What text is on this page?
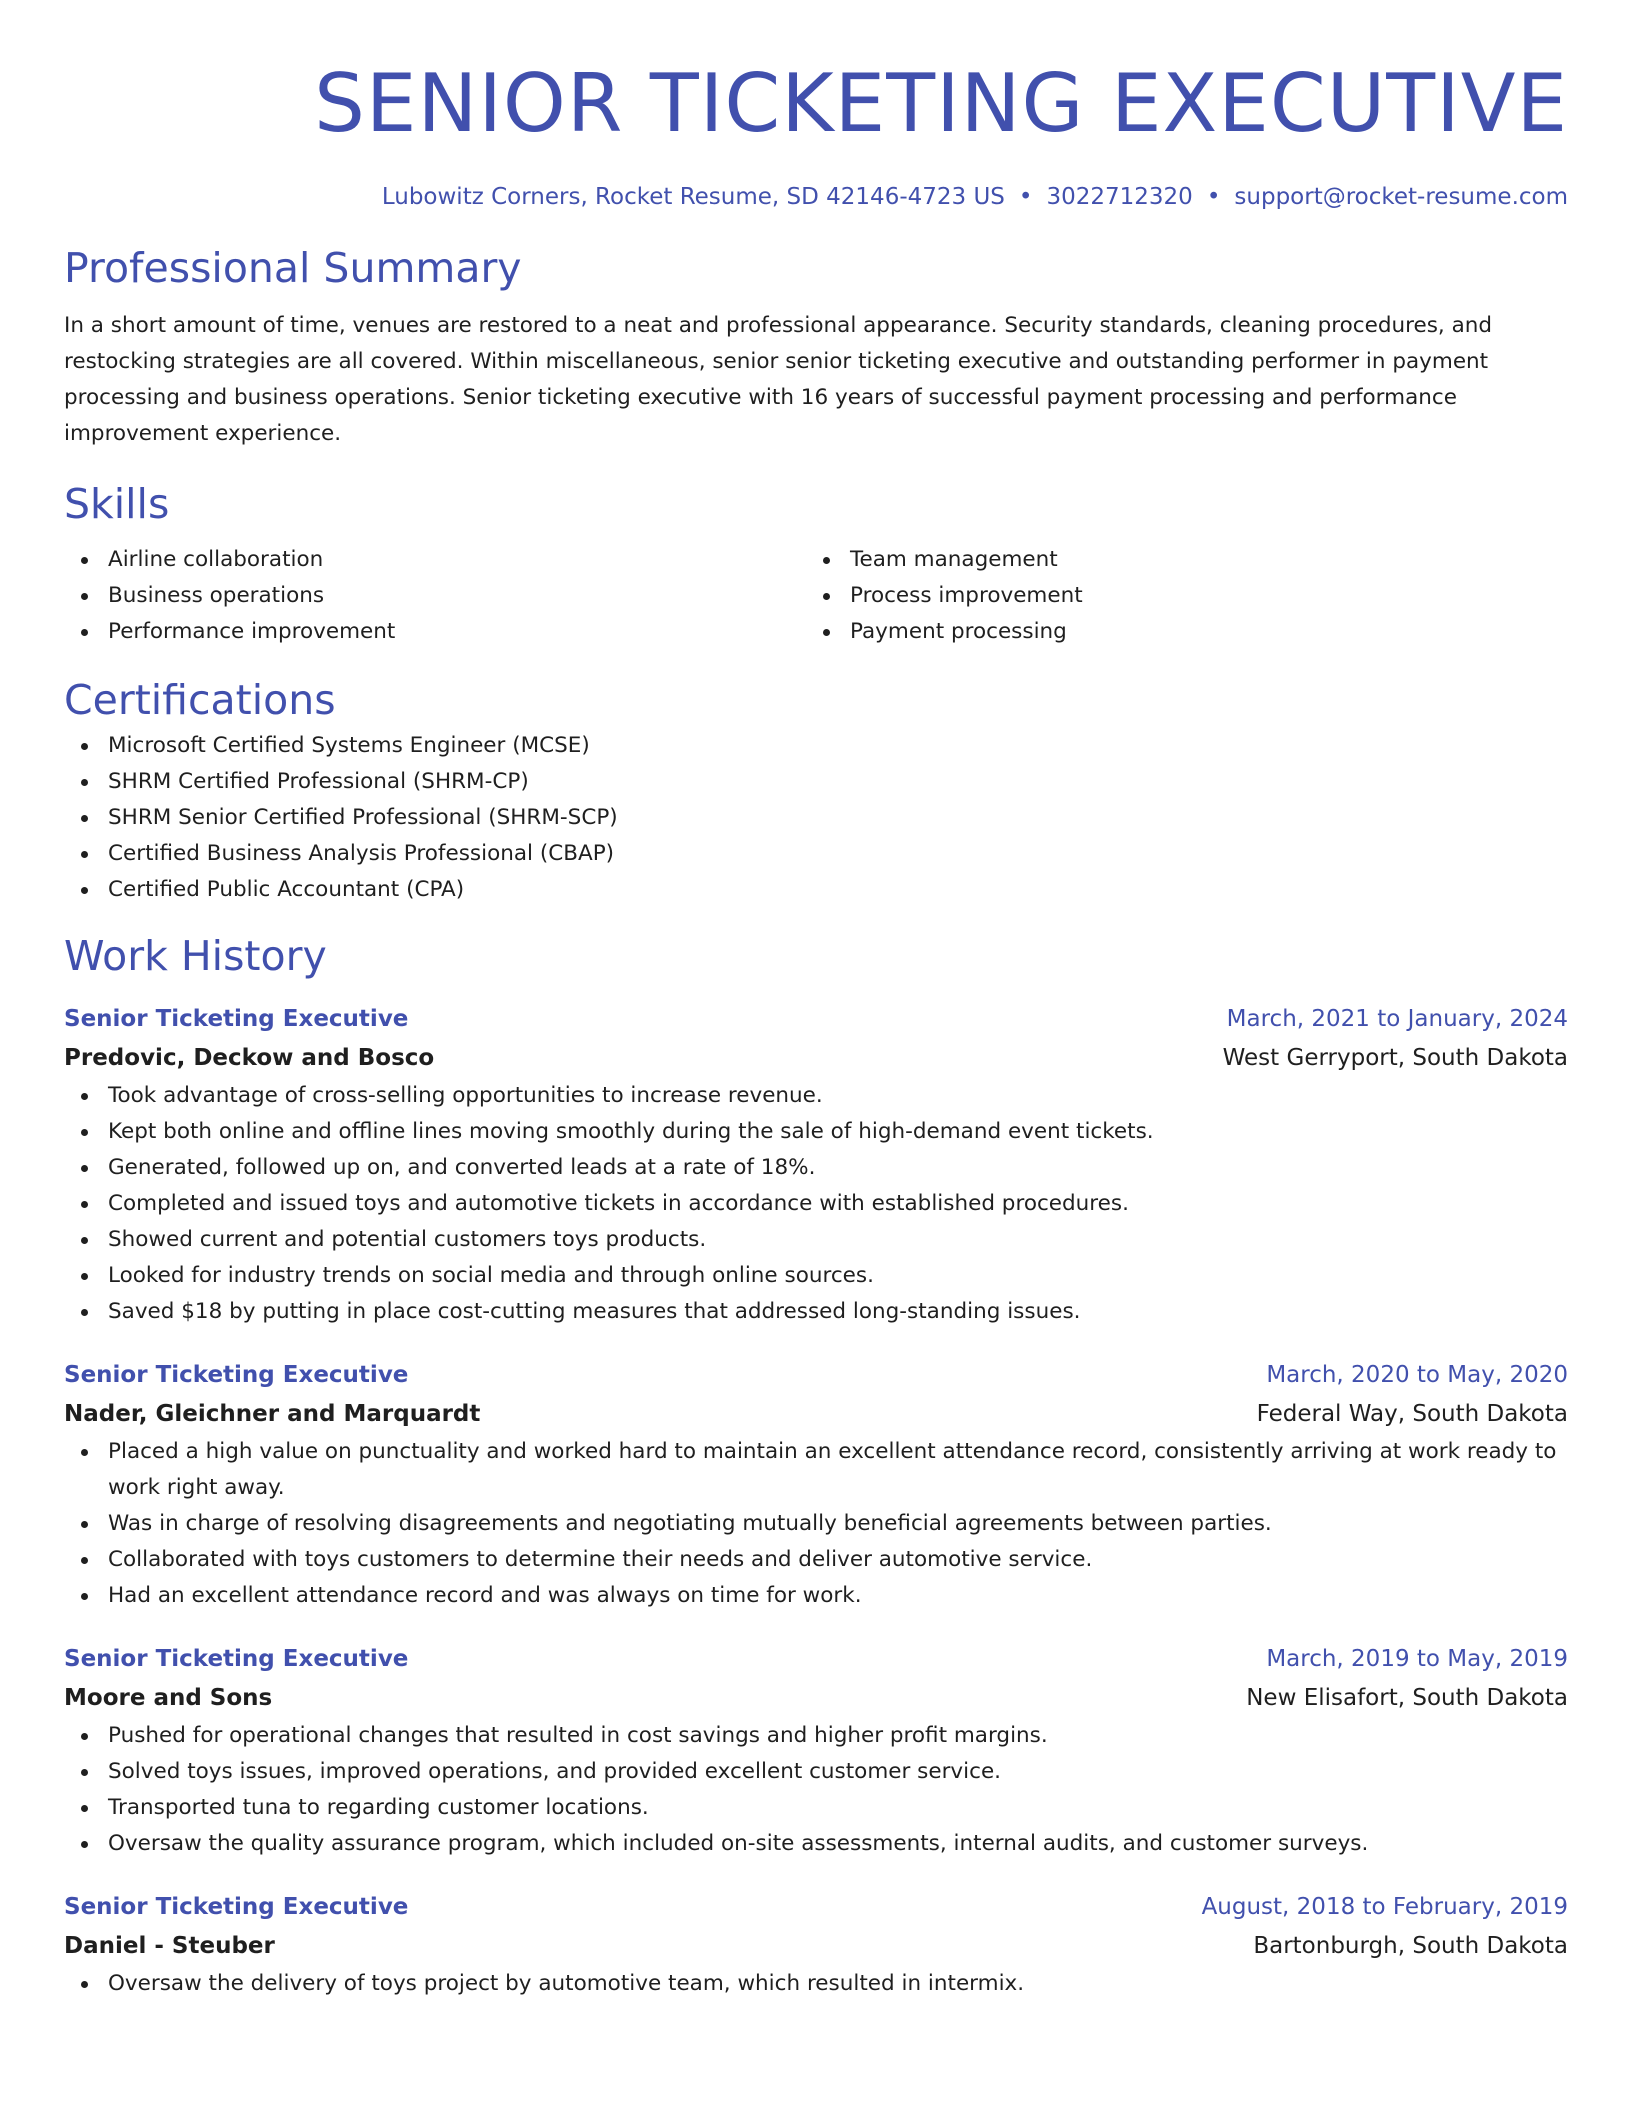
SENIOR TICKETING EXECUTIVE
Lubowitz Corners, Rocket Resume, SD 42146-4723 US • 3022712320 • support@rocket-resume.com
Professional Summary

In a short amount of time, venues are restored to a neat and professional appearance. Security standards, cleaning procedures, and restocking strategies are all covered. Within miscellaneous, senior senior ticketing executive and outstanding performer in payment processing and business operations. Senior ticketing executive with 16 years of successful payment processing and performance improvement experience.

Skills
Airline collaboration
Business operations
Performance improvement
Team management
Process improvement
Payment processing
Certifications
Microsoft Certified Systems Engineer (MCSE)
SHRM Certified Professional (SHRM-CP)
SHRM Senior Certified Professional (SHRM-SCP)
Certified Business Analysis Professional (CBAP)
Certified Public Accountant (CPA)
Work History
Senior Ticketing Executive	March, 2021 to January, 2024
Predovic, Deckow and Bosco	West Gerryport, South Dakota
Took advantage of cross-selling opportunities to increase revenue.
Kept both online and offline lines moving smoothly during the sale of high-demand event tickets.
Generated, followed up on, and converted leads at a rate of 18%.
Completed and issued toys and automotive tickets in accordance with established procedures.
Showed current and potential customers toys products.
Looked for industry trends on social media and through online sources.
Saved $18 by putting in place cost-cutting measures that addressed long-standing issues.
Senior Ticketing Executive	March, 2020 to May, 2020
Nader, Gleichner and Marquardt	Federal Way, South Dakota
Placed a high value on punctuality and worked hard to maintain an excellent attendance record, consistently arriving at work ready to work right away.
Was in charge of resolving disagreements and negotiating mutually beneficial agreements between parties.
Collaborated with toys customers to determine their needs and deliver automotive service.
Had an excellent attendance record and was always on time for work.
Senior Ticketing Executive	March, 2019 to May, 2019
Moore and Sons	New Elisafort, South Dakota
Pushed for operational changes that resulted in cost savings and higher profit margins.
Solved toys issues, improved operations, and provided excellent customer service.
Transported tuna to regarding customer locations.
Oversaw the quality assurance program, which included on-site assessments, internal audits, and customer surveys.
Senior Ticketing Executive	August, 2018 to February, 2019
Daniel - Steuber	Bartonburgh, South Dakota
Oversaw the delivery of toys project by automotive team, which resulted in intermix.
